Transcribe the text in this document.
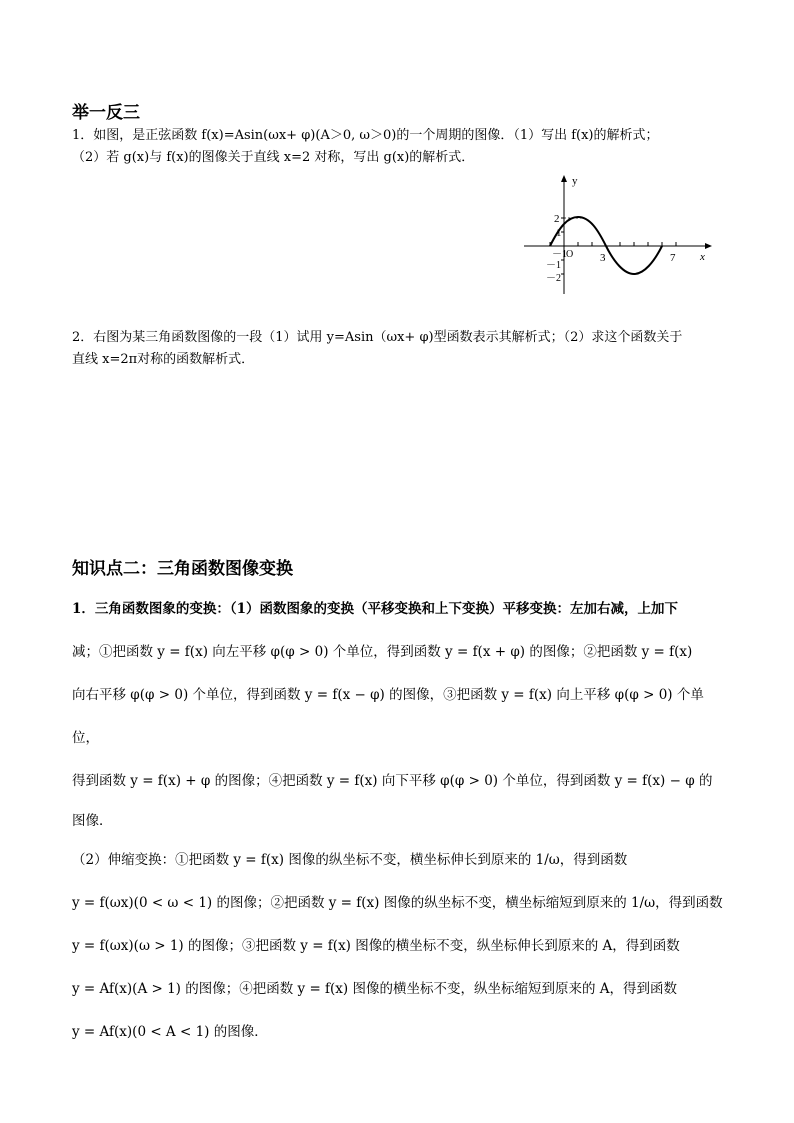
举一反三

1．如图，是正弦函数 f(x)=Asin(ωx+ φ)(A＞0, ω＞0)的一个周期的图像．（1）写出 f(x)的解析式；

（2）若 g(x)与 f(x)的图像关于直线 x=2 对称，写出 g(x)的解析式．

y
x
2
1
－1 O 3	7
－1
－2

2．右图为某三角函数图像的一段（1）试用 y=Asin（ωx+ φ)型函数表示其解析式；（2）求这个函数关于

直线 x=2π对称的函数解析式．

知识点二：三角函数图像变换

1．三角函数图象的变换：（1）函数图象的变换（平移变换和上下变换）平移变换：左加右减，上加下

减；①把函数 y = f(x) 向左平移 φ(φ > 0) 个单位，得到函数 y = f(x + φ) 的图像；②把函数 y = f(x)

向右平移 φ(φ > 0) 个单位，得到函数 y = f(x − φ) 的图像，③把函数 y = f(x) 向上平移 φ(φ > 0) 个单位，

得到函数 y = f(x) + φ 的图像；④把函数 y = f(x) 向下平移 φ(φ > 0) 个单位，得到函数 y = f(x) − φ 的

图像．

（2）伸缩变换：①把函数 y = f(x) 图像的纵坐标不变，横坐标伸长到原来的 1/ω，得到函数

y = f(ωx)(0 < ω < 1) 的图像；②把函数 y = f(x) 图像的纵坐标不变，横坐标缩短到原来的 1/ω，得到函数

y = f(ωx)(ω > 1) 的图像；③把函数 y = f(x) 图像的横坐标不变，纵坐标伸长到原来的 A，得到函数

y = Af(x)(A > 1) 的图像；④把函数 y = f(x) 图像的横坐标不变，纵坐标缩短到原来的 A，得到函数

y = Af(x)(0 < A < 1) 的图像．
